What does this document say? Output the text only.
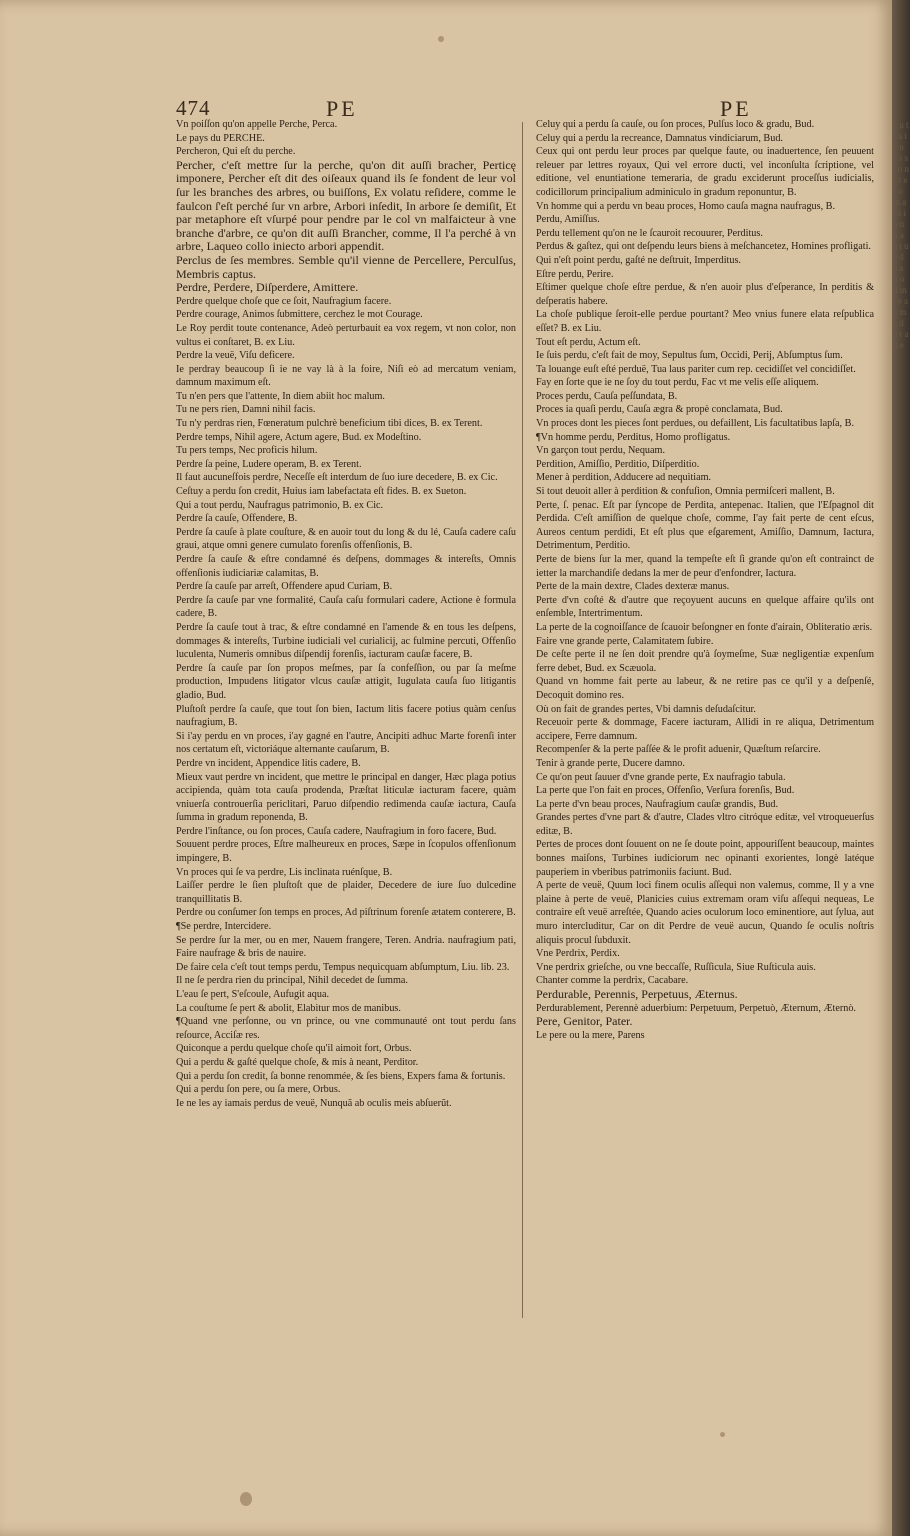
474	PE	PE

Vn poiſſon qu'on appelle Perche, Perca.

Le pays du PERCHE.

Percheron, Qui eſt du perche.

Percher, c'eſt mettre ſur la perche, qu'on dit auſſi bracher, Perticę imponere, Percher eſt dit des oiſeaux quand ils ſe fondent de leur vol ſur les branches des arbres, ou buiſſons, Ex volatu reſidere, comme le faulcon ſ'eſt perché ſur vn arbre, Arbori inſedit, In arbore ſe demiſit, Et par metaphore eſt vſurpé pour pendre par le col vn malfaicteur à vne branche d'arbre, ce qu'on dit auſſi Brancher, comme, Il l'a perché à vn arbre, Laqueo collo iniecto arbori appendit.

Perclus de ſes membres. Semble qu'il vienne de Percellere, Perculſus, Membris captus.

Perdre, Perdere, Diſperdere, Amittere.

Perdre quelque choſe que ce ſoit, Naufragium facere.

Perdre courage, Animos ſubmittere, cerchez le mot Courage.

Le Roy perdit toute contenance, Adeò perturbauit ea vox regem, vt non color, non vultus ei conſtaret, B. ex Liu.

Perdre la veuë, Viſu deficere.

Ie perdray beaucoup ſi ie ne vay là à la foire, Niſi eò ad mercatum veniam, damnum maximum eſt.

Tu n'en pers que l'attente, In diem abiit hoc malum.

Tu ne pers rien, Damni nihil facis.

Tu n'y perdras rien, Fœneratum pulchrè beneficium tibi dices, B. ex Terent.

Perdre temps, Nihil agere, Actum agere, Bud. ex Modeſtino.

Tu pers temps, Nec proficis hilum.

Perdre ſa peine, Ludere operam, B. ex Terent.

Il faut aucuneſfois perdre, Neceſſe eſt interdum de ſuo iure decedere, B. ex Cic.

Ceſtuy a perdu ſon credit, Huius iam labefactata eſt fides. B. ex Sueton.

Qui a tout perdu, Naufragus patrimonio, B. ex Cic.

Perdre ſa cauſe, Offendere, B.

Perdre ſa cauſe à plate couſture, & en auoir tout du long & du lé, Cauſa cadere caſu graui, atque omni genere cumulato forenſis offenſionis, B.

Perdre ſa cauſe & eſtre condamné és deſpens, dommages & intereſts, Omnis offenſionis iudiciariæ calamitas, B.

Perdre ſa cauſe par arreſt, Offendere apud Curiam, B.

Perdre ſa cauſe par vne formalité, Cauſa caſu formulari cadere, Actione è formula cadere, B.

Perdre ſa cauſe tout à trac, & eſtre condamné en l'amende & en tous les deſpens, dommages & intereſts, Turbine iudiciali vel curialicij, ac fulmine percuti, Offenſio luculenta, Numeris omnibus diſpendij forenſis, iacturam cauſæ facere, B.

Perdre ſa cauſe par ſon propos meſmes, par ſa confeſſion, ou par ſa meſme production, Impudens litigator vlcus cauſæ attigit, Iugulata cauſa ſuo litigantis gladio, Bud.

Pluſtoſt perdre ſa cauſe, que tout ſon bien, Iactum litis facere potius quàm cenſus naufragium, B.

Si i'ay perdu en vn proces, i'ay gagné en l'autre, Ancipiti adhuc Marte forenſi inter nos certatum eſt, victoriáque alternante cauſarum, B.

Perdre vn incident, Appendice litis cadere, B.

Mieux vaut perdre vn incident, que mettre le principal en danger, Hæc plaga potius accipienda, quàm tota cauſa prodenda, Præſtat liticulæ iacturam facere, quàm vniuerſa controuerſia periclitari, Paruo diſpendio redimenda cauſæ iactura, Cauſa ſumma in gradum reponenda, B.

Perdre l'inſtance, ou ſon proces, Cauſa cadere, Naufragium in foro facere, Bud.

Souuent perdre proces, Eſtre malheureux en proces, Sæpe in ſcopulos offenſionum impingere, B.

Vn proces qui ſe va perdre, Lis inclinata ruénſque, B.

Laiſſer perdre le ſien pluſtoſt que de plaider, Decedere de iure ſuo dulcedine tranquillitatis B.

Perdre ou conſumer ſon temps en proces, Ad piſtrinum forenſe ætatem conterere, B.

¶Se perdre, Intercidere.

Se perdre ſur la mer, ou en mer, Nauem frangere, Teren. Andria. naufragium pati, Faire naufrage & bris de nauire.

De faire cela c'eſt tout temps perdu, Tempus nequicquam abſumptum, Liu. lib. 23.

Il ne ſe perdra rien du principal, Nihil decedet de ſumma.

L'eau ſe pert, S'eſcoule, Aufugit aqua.

La couſtume ſe pert & abolit, Elabitur mos de manibus.

¶Quand vne perſonne, ou vn prince, ou vne communauté ont tout perdu ſans reſource, Acciſæ res.

Quiconque a perdu quelque choſe qu'il aimoit fort, Orbus.

Qui a perdu & gaſté quelque choſe, & mis à neant, Perditor.

Qui a perdu ſon credit, ſa bonne renommée, & ſes biens, Expers fama & fortunis.

Qui a perdu ſon pere, ou ſa mere, Orbus.

Ie ne les ay iamais perdus de veuë, Nunquã ab oculis meis abſuerũt.

Celuy qui a perdu ſa cauſe, ou ſon proces, Pulſus loco & gradu, Bud.

Celuy qui a perdu la recreance, Damnatus vindiciarum, Bud.

Ceux qui ont perdu leur proces par quelque faute, ou inaduertence, ſen peuuent releuer par lettres royaux, Qui vel errore ducti, vel inconſulta ſcriptione, vel editione, vel enuntiatione temeraria, de gradu exciderunt proceſſus iudicialis, codicillorum principalium adminiculo in gradum reponuntur, B.

Vn homme qui a perdu vn beau proces, Homo cauſa magna naufragus, B.

Perdu, Amiſſus.

Perdu tellement qu'on ne le ſcauroit recouurer, Perditus.

Perdus & gaſtez, qui ont deſpendu leurs biens à meſchancetez, Homines profligati.

Qui n'eſt point perdu, gaſté ne deſtruit, Imperditus.

Eſtre perdu, Perire.

Eſtimer quelque choſe eſtre perdue, & n'en auoir plus d'eſperance, In perditis & deſperatis habere.

La choſe publique ſeroit-elle perdue pourtant? Meo vnius funere elata reſpublica eſſet? B. ex Liu.

Tout eſt perdu, Actum eſt.

Ie ſuis perdu, c'eſt fait de moy, Sepultus ſum, Occidi, Perij, Abſumptus ſum.

Ta louange euſt eſté perduë, Tua laus pariter cum rep. cecidiſſet vel concidiſſet.

Fay en ſorte que ie ne ſoy du tout perdu, Fac vt me velis eſſe aliquem.

Proces perdu, Cauſa peſſundata, B.

Proces ia quaſi perdu, Cauſa ægra & propè conclamata, Bud.

Vn proces dont les pieces ſont perdues, ou defaillent, Lis facultatibus lapſa, B.

¶Vn homme perdu, Perditus, Homo profligatus.

Vn garçon tout perdu, Nequam.

Perdition, Amiſſio, Perditio, Diſperditio.

Mener à perdition, Adducere ad nequitiam.

Si tout deuoit aller à perdition & confuſion, Omnia permiſceri mallent, B.

Perte, ſ. penac. Eſt par ſyncope de Perdita, antepenac. Italien, que l'Eſpagnol dit Perdida. C'eſt amiſſion de quelque choſe, comme, I'ay fait perte de cent eſcus, Aureos centum perdidi, Et eſt plus que eſgarement, Amiſſio, Damnum, Iactura, Detrimentum, Perditio.

Perte de biens ſur la mer, quand la tempeſte eſt ſi grande qu'on eſt contrainct de ietter la marchandiſe dedans la mer de peur d'enfondrer, Iactura.

Perte de la main dextre, Clades dexteræ manus.

Perte d'vn coſté & d'autre que reçoyuent aucuns en quelque affaire qu'ils ont enſemble, Intertrimentum.

La perte de la cognoiſſance de ſcauoir beſongner en fonte d'airain, Obliteratio æris.

Faire vne grande perte, Calamitatem ſubire.

De ceſte perte il ne ſen doit prendre qu'à ſoymeſme, Suæ negligentiæ expenſum ferre debet, Bud. ex Scæuola.

Quand vn homme fait perte au labeur, & ne retire pas ce qu'il y a deſpenſé, Decoquit domino res.

Où on fait de grandes pertes, Vbi damnis deſudaſcitur.

Receuoir perte & dommage, Facere iacturam, Allidi in re aliqua, Detrimentum accipere, Ferre damnum.

Recompenſer & la perte paſſée & le profit aduenir, Quæſtum reſarcire.

Tenir à grande perte, Ducere damno.

Ce qu'on peut ſauuer d'vne grande perte, Ex naufragio tabula.

La perte que l'on fait en proces, Offenſio, Verſura forenſis, Bud.

La perte d'vn beau proces, Naufragium cauſæ grandis, Bud.

Grandes pertes d'vne part & d'autre, Clades vltro citróque editæ, vel vtroqueuerſus editæ, B.

Pertes de proces dont ſouuent on ne ſe doute point, appouriſſent beaucoup, maintes bonnes maiſons, Turbines iudiciorum nec opinanti exorientes, longè latéque pauperiem in vberibus patrimoniis faciunt. Bud.

A perte de veuë, Quum loci finem oculis aſſequi non valemus, comme, Il y a vne plaine à perte de veuë, Planicies cuius extremam oram viſu aſſequi nequeas, Le contraire eſt veuë arreſtée, Quando acies oculorum loco eminentiore, aut ſylua, aut muro intercluditur, Car on dit Perdre de veuë aucun, Quando ſe oculis noſtris aliquis procul ſubduxit.

Vne Perdrix, Perdix.

Vne perdrix grieſche, ou vne beccaſſe, Ruſſicula, Siue Ruſticula auis.

Chanter comme la perdrix, Cacabare.

Perdurable, Perennis, Perpetuus, Æternus.

Perdurablement, Perennè aduerbium: Perpetuum, Perpetuò, Æternum, Æternò.

Pere, Genitor, Pater.

Le pere ou la mere, Parens

e u t r a t a n s s s i o n s t e r o m a i s i o n p a e t u e d e a n o d m i e a a m a d o t a d e
